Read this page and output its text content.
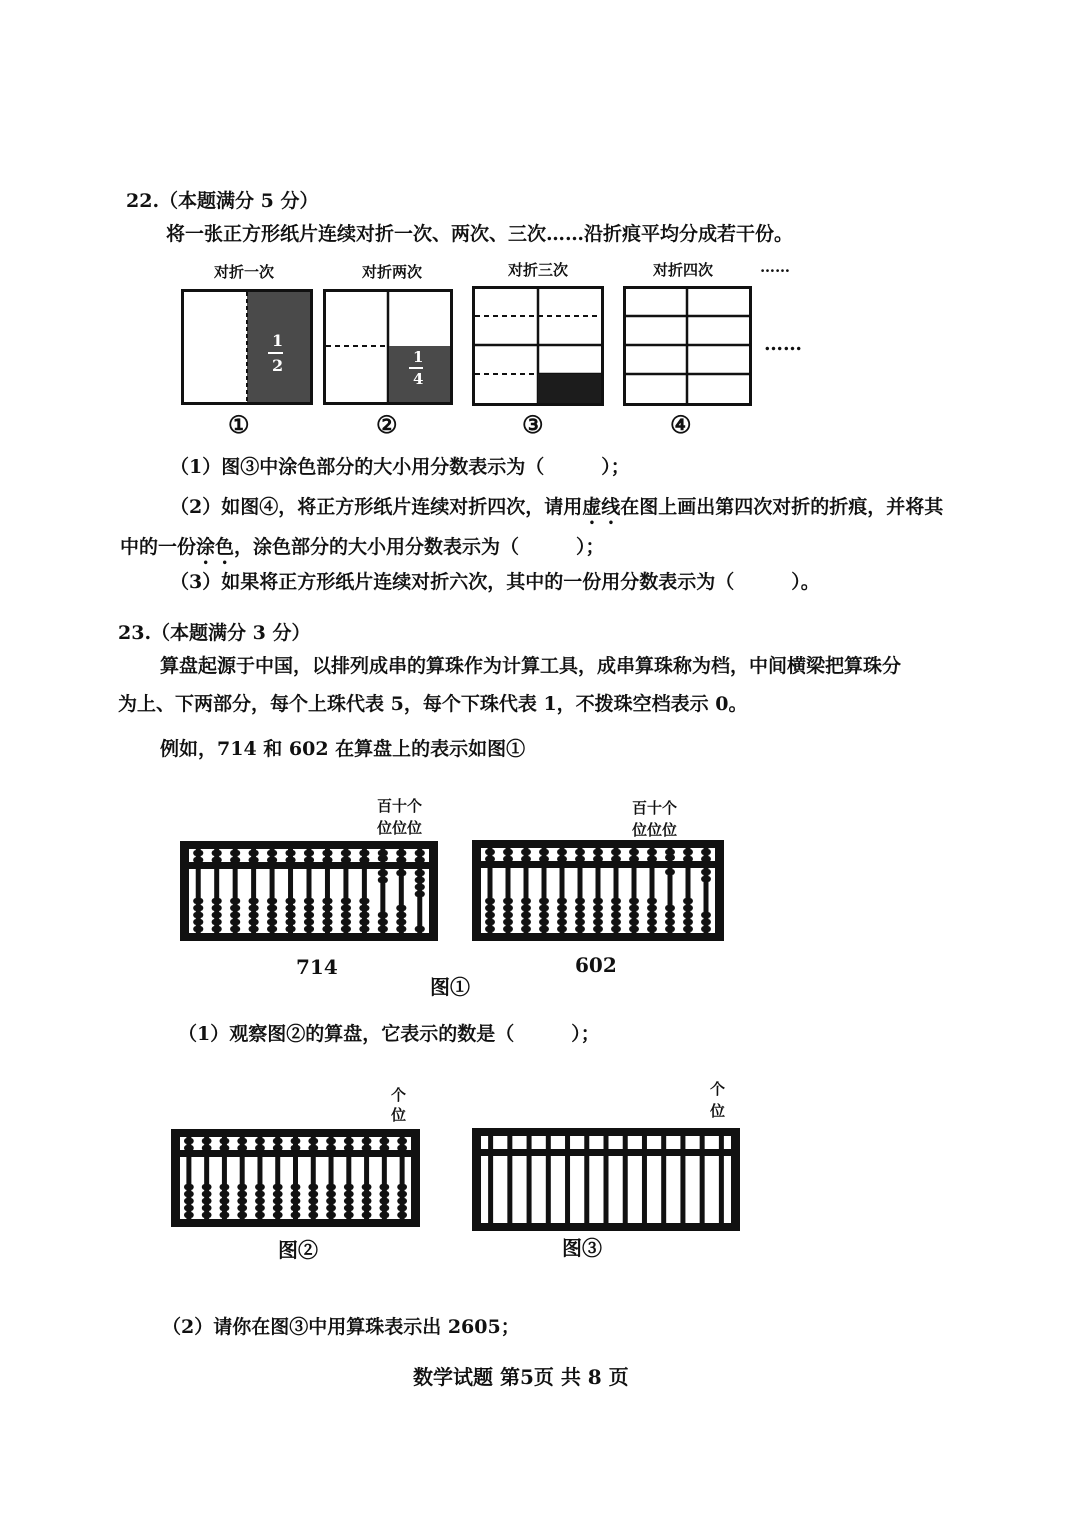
22.（本题满分 5 分）
将一张正方形纸片连续对折一次、两次、三次……沿折痕平均分成若干份。
对折一次	对折两次	对折三次	对折四次	……
1
2	1
4
……
①	②	③	④
（1）图③中涂色部分的大小用分数表示为（　　　）；
（2）如图④，将正方形纸片连续对折四次，请用虚线在图上画出第四次对折的折痕，并将其
中的一份涂色，涂色部分的大小用分数表示为（　　　）；
（3）如果将正方形纸片连续对折六次，其中的一份用分数表示为（　　　）。
23.（本题满分 3 分）
算盘起源于中国，以排列成串的算珠作为计算工具，成串算珠称为档，中间横梁把算珠分
为上、下两部分，每个上珠代表 5，每个下珠代表 1，不拨珠空档表示 0。
例如，714 和 602 在算盘上的表示如图①
百十个
位位位
百十个
位位位
714	602
图①
（1）观察图②的算盘，它表示的数是（　　　）；
个
位
个
位
图②	图③
（2）请你在图③中用算珠表示出 2605；
数学试题 第5页 共 8 页
